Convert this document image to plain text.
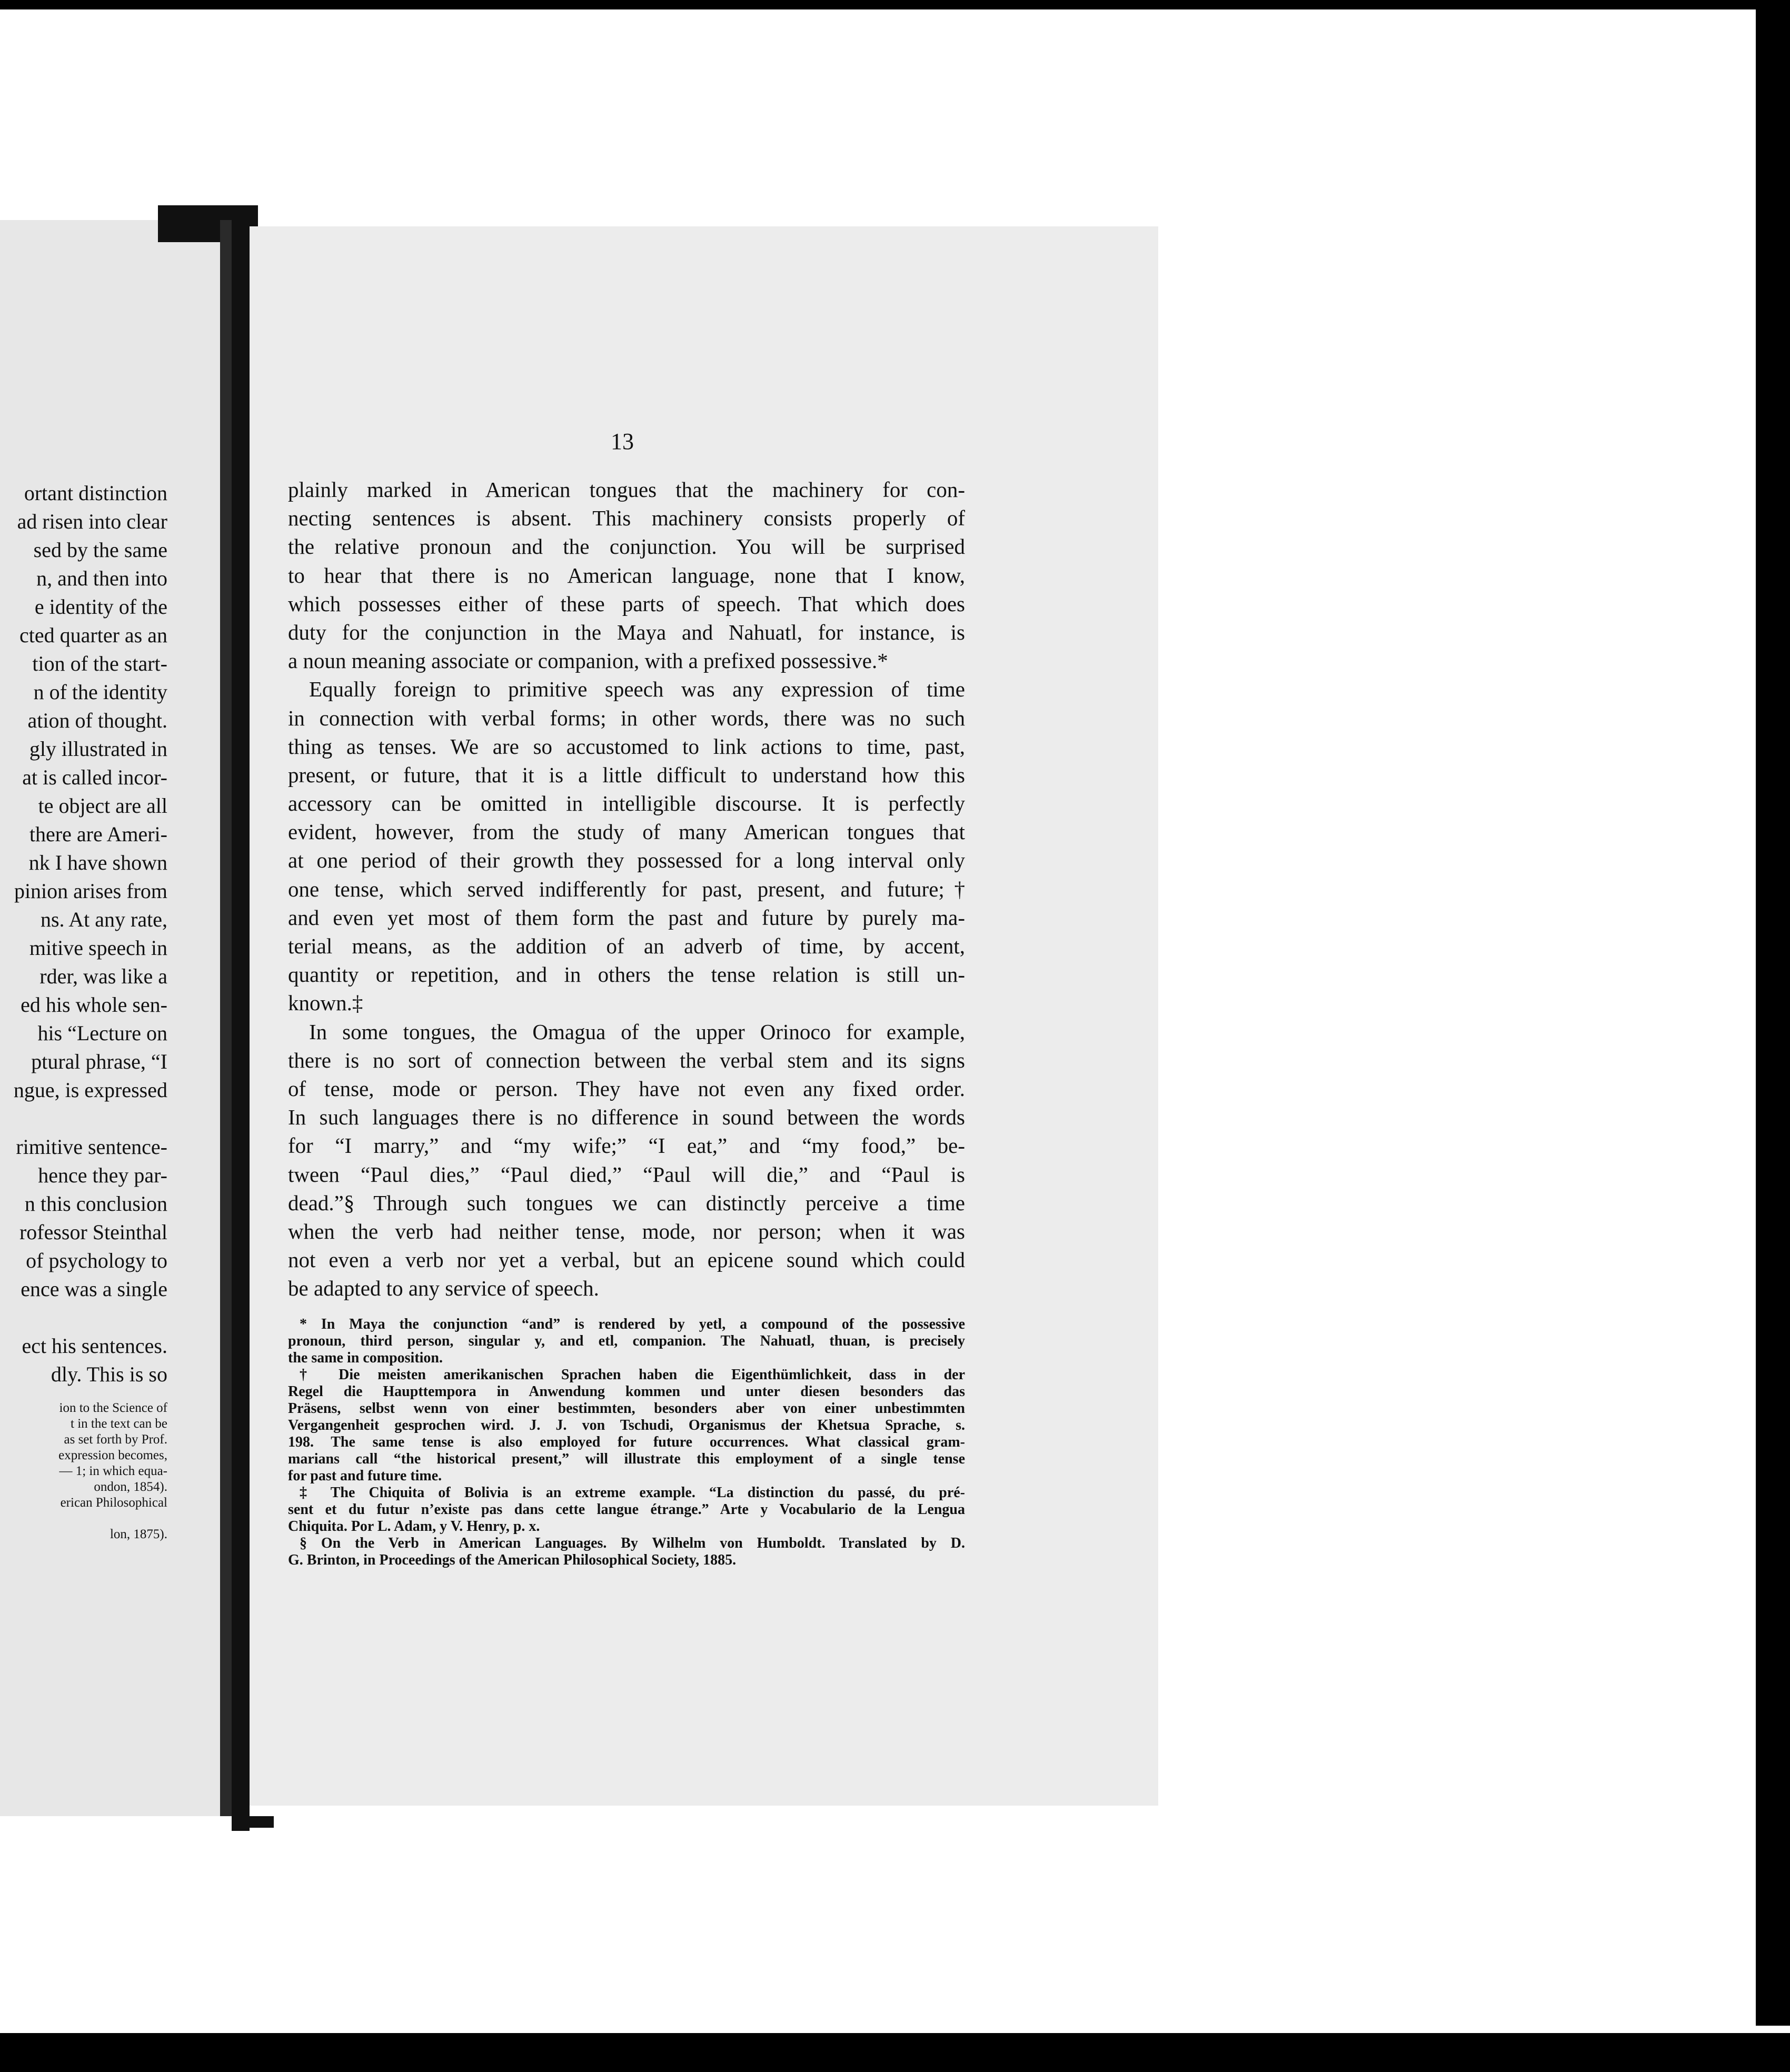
ortant distinction
ad risen into clear
sed by the same
n, and then into
e identity of the
cted quarter as an
tion of the start-
n of the identity
ation of thought.
gly illustrated in
at is called incor-
te object are all
there are Ameri-
nk I have shown
pinion arises from
ns. At any rate,
mitive speech in
rder, was like a
ed his whole sen-
his “Lecture on
ptural phrase, “I
ngue, is expressed
rimitive sentence-
hence they par-
n this conclusion
rofessor Steinthal
of psychology to
ence was a single
ect his sentences.
dly. This is so
ion to the Science of
t in the text can be
as set forth by Prof.
expression becomes,
— 1; in which equa-
ondon, 1854).
erican Philosophical
lon, 1875).
13
plainly marked in American tongues that the machinery for con-
necting sentences is absent. This machinery consists properly of
the relative pronoun and the conjunction. You will be surprised
to hear that there is no American language, none that I know,
which possesses either of these parts of speech. That which does
duty for the conjunction in the Maya and Nahuatl, for instance, is
a noun meaning associate or companion, with a prefixed possessive.*
Equally foreign to primitive speech was any expression of time
in connection with verbal forms; in other words, there was no such
thing as tenses. We are so accustomed to link actions to time, past,
present, or future, that it is a little difficult to understand how this
accessory can be omitted in intelligible discourse. It is perfectly
evident, however, from the study of many American tongues that
at one period of their growth they possessed for a long interval only
one tense, which served indifferently for past, present, and future;†
and even yet most of them form the past and future by purely ma-
terial means, as the addition of an adverb of time, by accent,
quantity or repetition, and in others the tense relation is still un-
known.‡
In some tongues, the Omagua of the upper Orinoco for example,
there is no sort of connection between the verbal stem and its signs
of tense, mode or person. They have not even any fixed order.
In such languages there is no difference in sound between the words
for “I marry,” and “my wife;” “I eat,” and “my food,” be-
tween “Paul dies,” “Paul died,” “Paul will die,” and “Paul is
dead.”§ Through such tongues we can distinctly perceive a time
when the verb had neither tense, mode, nor person; when it was
not even a verb nor yet a verbal, but an epicene sound which could
be adapted to any service of speech.
* In Maya the conjunction “and” is rendered by yetl, a compound of the possessive
pronoun, third person, singular y, and etl, companion. The Nahuatl, thuan, is precisely
the same in composition.
† Die meisten amerikanischen Sprachen haben die Eigenthümlichkeit, dass in der
Regel die Haupttempora in Anwendung kommen und unter diesen besonders das
Präsens, selbst wenn von einer bestimmten, besonders aber von einer unbestimmten
Vergangenheit gesprochen wird. J. J. von Tschudi, Organismus der Khetsua Sprache, s.
198. The same tense is also employed for future occurrences. What classical gram-
marians call “the historical present,” will illustrate this employment of a single tense
for past and future time.
‡ The Chiquita of Bolivia is an extreme example. “La distinction du passé, du pré-
sent et du futur n’existe pas dans cette langue étrange.” Arte y Vocabulario de la Lengua
Chiquita. Por L. Adam, y V. Henry, p. x.
§ On the Verb in American Languages. By Wilhelm von Humboldt. Translated by D.
G. Brinton, in Proceedings of the American Philosophical Society, 1885.
